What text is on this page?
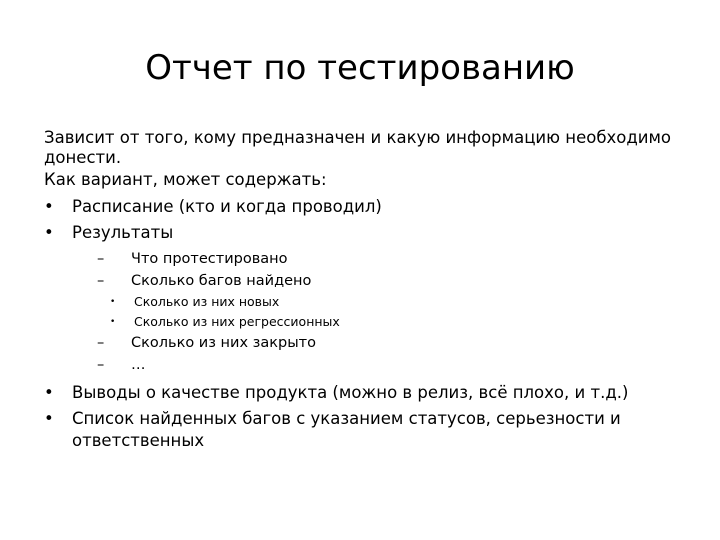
Отчет по тестированию
Зависит от того, кому предназначен и какую информацию необходимо донести.
Как вариант, может содержать:
• Расписание (кто и когда проводил)
• Результаты
– Что протестировано
– Сколько багов найдено
• Сколько из них новых
• Сколько из них регрессионных
– Сколько из них закрыто
– …
• Выводы о качестве продукта (можно в релиз, всё плохо, и т.д.)
• Список найденных багов с указанием статусов, серьезности и ответственных
